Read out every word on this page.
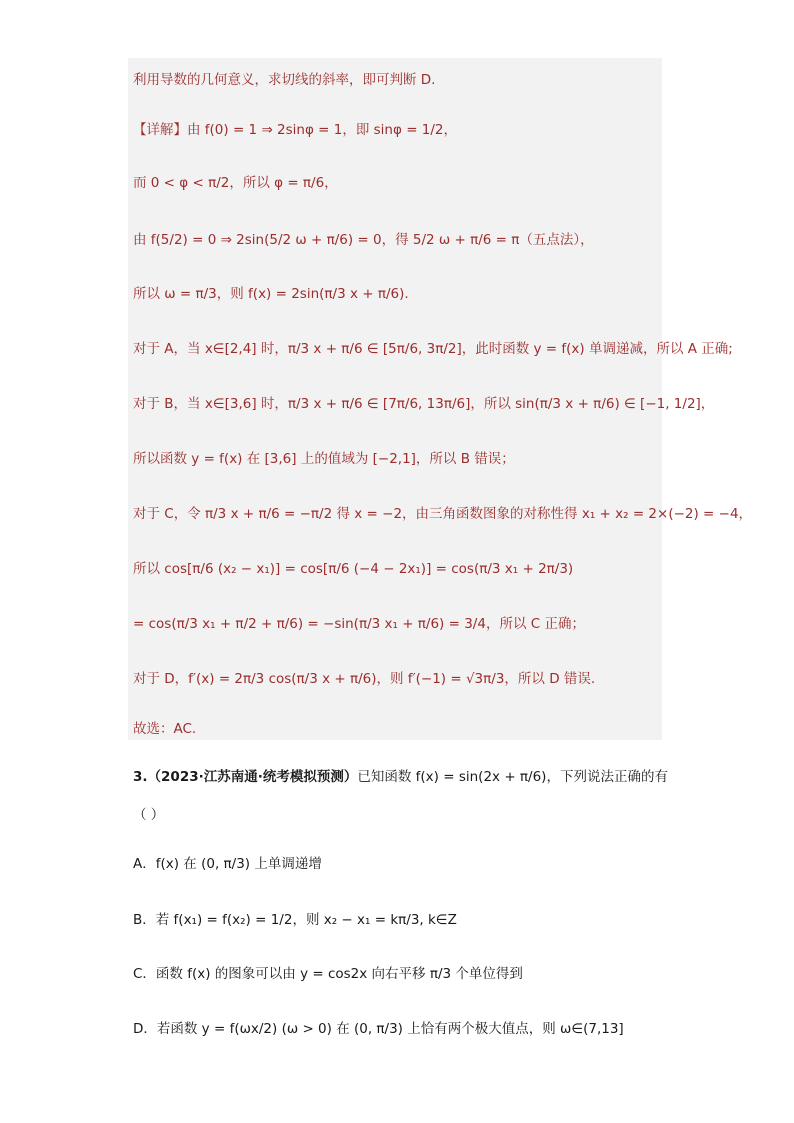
利用导数的几何意义，求切线的斜率，即可判断 D.
【详解】由 f(0) = 1 ⇒ 2sinφ = 1，即 sinφ = 1/2，
而 0 < φ < π/2，所以 φ = π/6，
由 f(5/2) = 0 ⇒ 2sin(5/2 ω + π/6) = 0，得 5/2 ω + π/6 = π（五点法），
所以 ω = π/3，则 f(x) = 2sin(π/3 x + π/6).
对于 A，当 x∈[2,4] 时，π/3 x + π/6 ∈ [5π/6, 3π/2]，此时函数 y = f(x) 单调递减，所以 A 正确;
对于 B，当 x∈[3,6] 时，π/3 x + π/6 ∈ [7π/6, 13π/6]，所以 sin(π/3 x + π/6) ∈ [−1, 1/2]，
所以函数 y = f(x) 在 [3,6] 上的值域为 [−2,1]，所以 B 错误；
对于 C，令 π/3 x + π/6 = −π/2 得 x = −2，由三角函数图象的对称性得 x₁ + x₂ = 2×(−2) = −4，
所以 cos[π/6 (x₂ − x₁)] = cos[π/6 (−4 − 2x₁)] = cos(π/3 x₁ + 2π/3)
= cos(π/3 x₁ + π/2 + π/6) = −sin(π/3 x₁ + π/6) = 3/4，所以 C 正确；
对于 D，f′(x) = 2π/3 cos(π/3 x + π/6)，则 f′(−1) = √3π/3，所以 D 错误.
故选：AC.
3.（2023·江苏南通·统考模拟预测）已知函数 f(x) = sin(2x + π/6)，下列说法正确的有
（ ）
A．f(x) 在 (0, π/3) 上单调递增
B．若 f(x₁) = f(x₂) = 1/2，则 x₂ − x₁ = kπ/3, k∈Z
C．函数 f(x) 的图象可以由 y = cos2x 向右平移 π/3 个单位得到
D．若函数 y = f(ωx/2) (ω > 0) 在 (0, π/3) 上恰有两个极大值点，则 ω∈(7,13]
